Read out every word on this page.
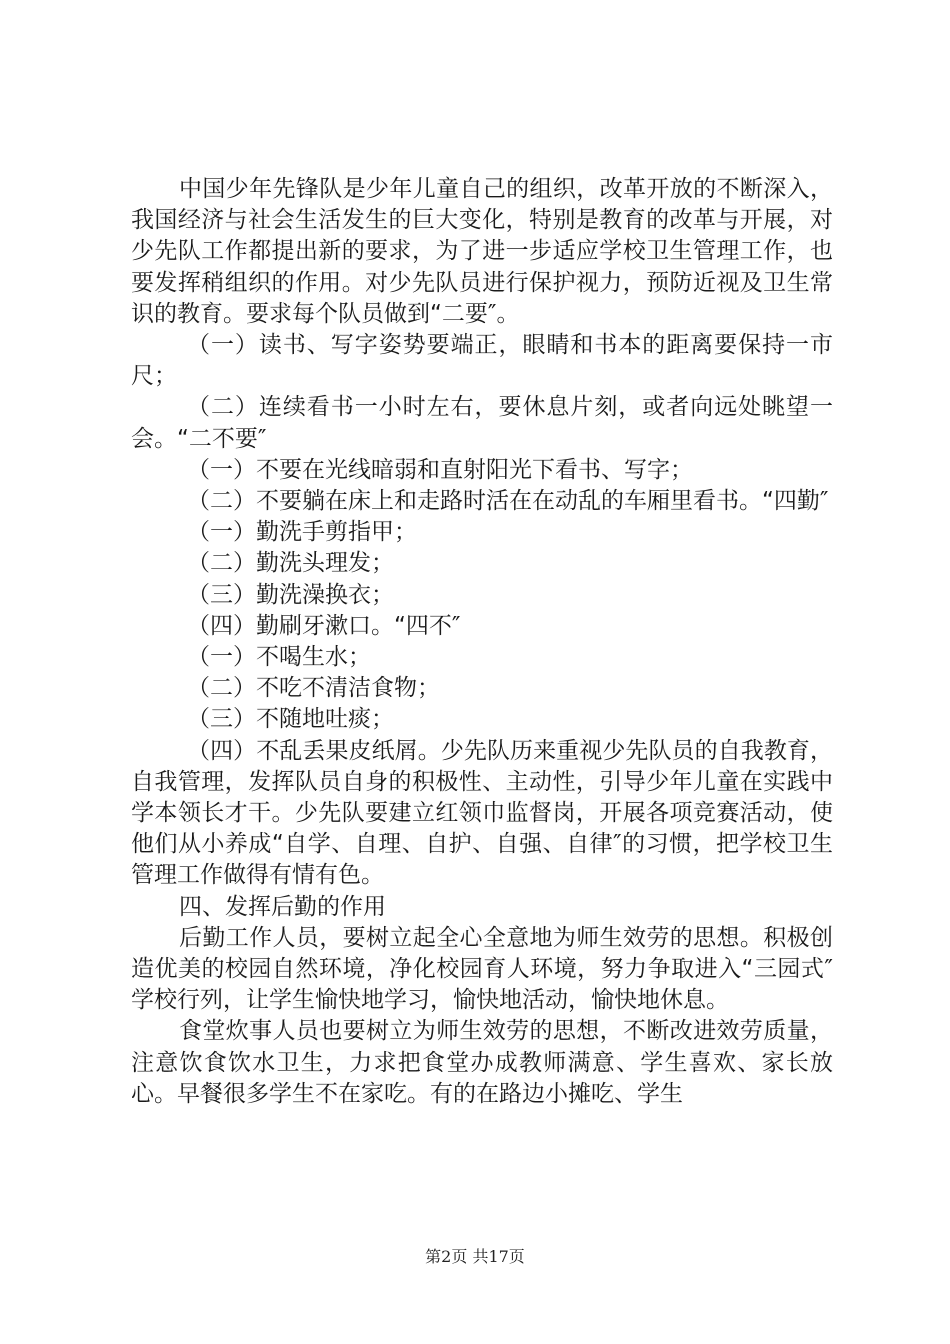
中国少年先锋队是少年儿童自己的组织，改革开放的不断深入，我国经济与社会生活发生的巨大变化，特别是教育的改革与开展，对少先队工作都提出新的要求，为了进一步适应学校卫生管理工作，也要发挥稍组织的作用。对少先队员进行保护视力，预防近视及卫生常识的教育。要求每个队员做到“二要″。

（一）读书、写字姿势要端正，眼睛和书本的距离要保持一市尺；

（二）连续看书一小时左右，要休息片刻，或者向远处眺望一会。“二不要″

（一）不要在光线暗弱和直射阳光下看书、写字；

（二）不要躺在床上和走路时活在在动乱的车厢里看书。“四勤″

（一）勤洗手剪指甲；

（二）勤洗头理发；

（三）勤洗澡换衣；

（四）勤刷牙漱口。“四不″

（一）不喝生水；

（二）不吃不清洁食物；

（三）不随地吐痰；

（四）不乱丢果皮纸屑。少先队历来重视少先队员的自我教育，自我管理，发挥队员自身的积极性、主动性，引导少年儿童在实践中学本领长才干。少先队要建立红领巾监督岗，开展各项竞赛活动，使他们从小养成“自学、自理、自护、自强、自律″的习惯，把学校卫生管理工作做得有情有色。

四、发挥后勤的作用

后勤工作人员，要树立起全心全意地为师生效劳的思想。积极创造优美的校园自然环境，净化校园育人环境，努力争取进入“三园式″学校行列，让学生愉快地学习，愉快地活动，愉快地休息。

食堂炊事人员也要树立为师生效劳的思想，不断改进效劳质量，注意饮食饮水卫生，力求把食堂办成教师满意、学生喜欢、家长放心。早餐很多学生不在家吃。有的在路边小摊吃、学生

第2页 共17页
